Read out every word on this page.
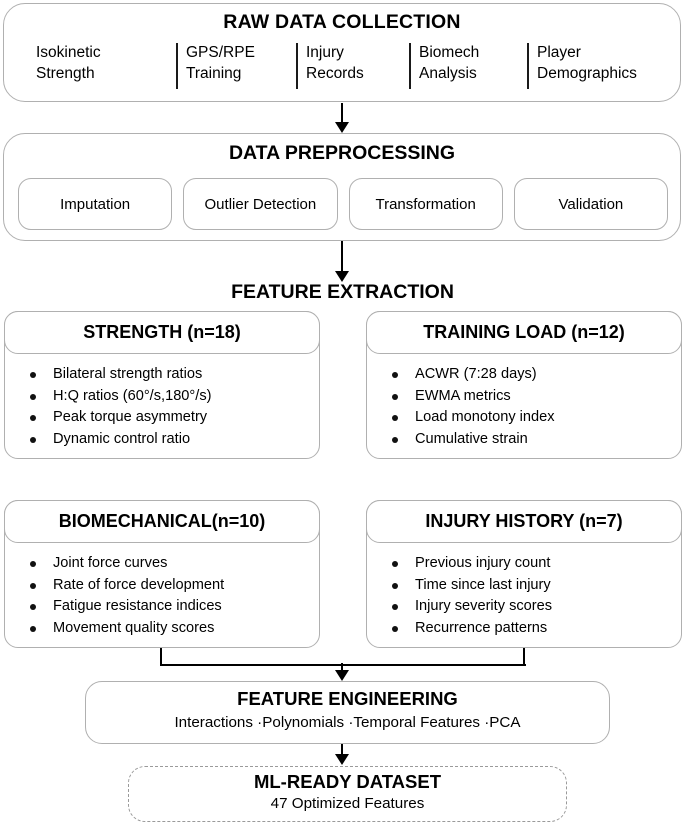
RAW DATA COLLECTION
Isokinetic
Strength
GPS/RPE
Training
Injury
Records
Biomech
Analysis
Player
Demographics
DATA PREPROCESSING
Imputation	Outlier Detection	Transformation	Validation
FEATURE EXTRACTION
STRENGTH (n=18)
Bilateral strength ratios
H:Q ratios (60°/s,180°/s)
Peak torque asymmetry
Dynamic control ratio
TRAINING LOAD (n=12)
ACWR (7:28 days)
EWMA metrics
Load monotony index
Cumulative strain
BIOMECHANICAL(n=10)
Joint force curves
Rate of force development
Fatigue resistance indices
Movement quality scores
INJURY HISTORY (n=7)
Previous injury count
Time since last injury
Injury severity scores
Recurrence patterns
FEATURE ENGINEERING
Interactions ·Polynomials ·Temporal Features ·PCA
ML-READY DATASET
47 Optimized Features
